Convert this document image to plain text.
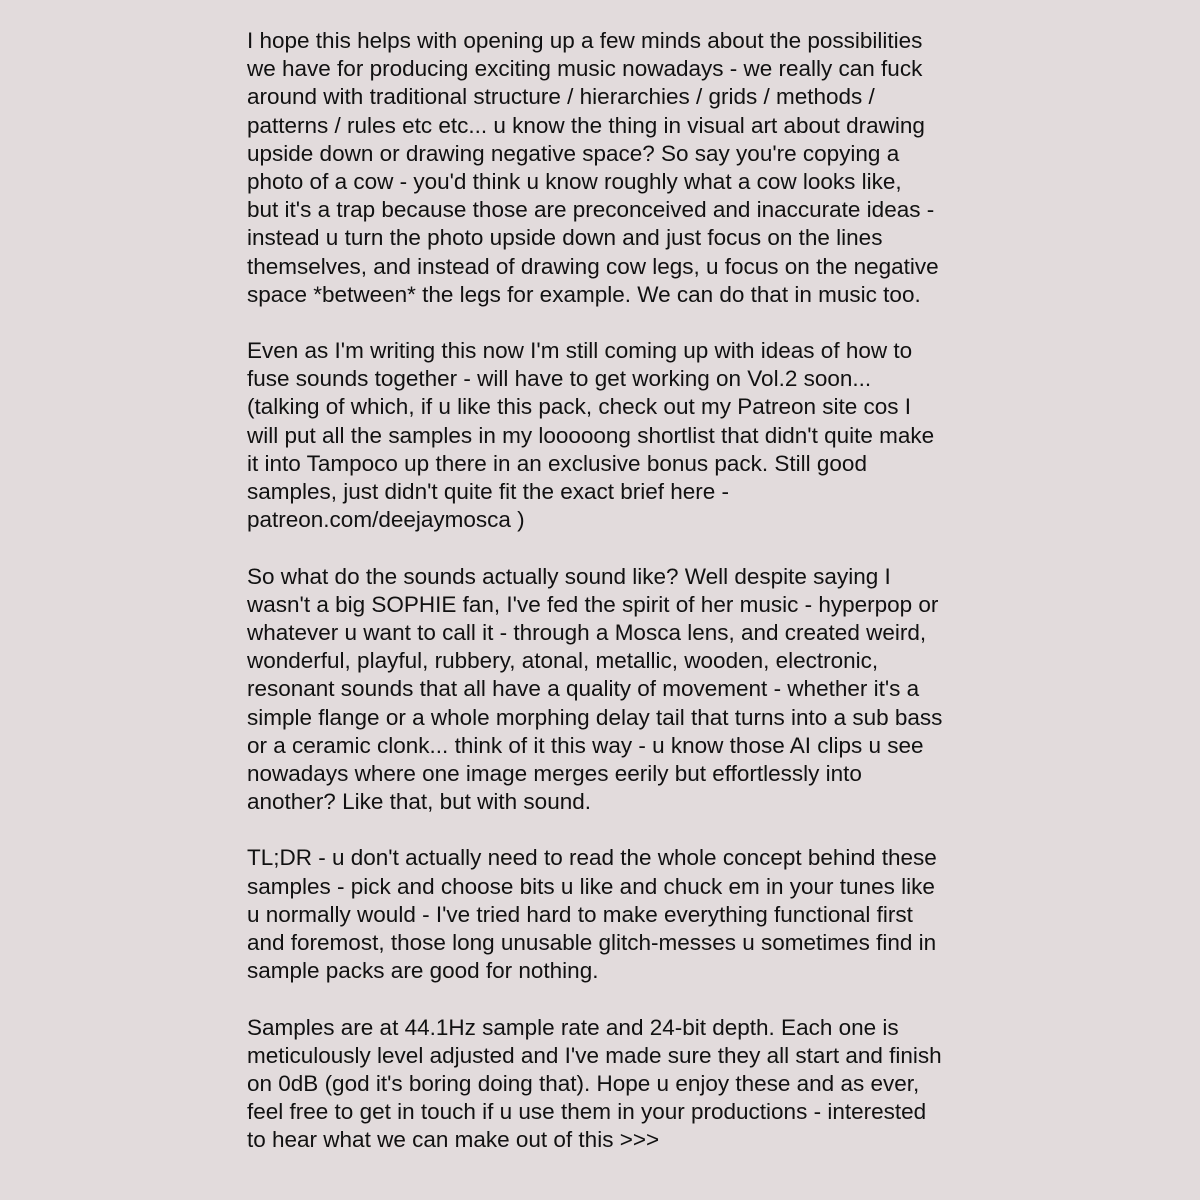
I hope this helps with opening up a few minds about the possibilities
we have for producing exciting music nowadays - we really can fuck
around with traditional structure / hierarchies / grids / methods /
patterns / rules etc etc... u know the thing in visual art about drawing
upside down or drawing negative space? So say you're copying a
photo of a cow - you'd think u know roughly what a cow looks like,
but it's a trap because those are preconceived and inaccurate ideas -
instead u turn the photo upside down and just focus on the lines
themselves, and instead of drawing cow legs, u focus on the negative
space *between* the legs for example. We can do that in music too.

Even as I'm writing this now I'm still coming up with ideas of how to
fuse sounds together - will have to get working on Vol.2 soon...
(talking of which, if u like this pack, check out my Patreon site cos I
will put all the samples in my looooong shortlist that didn't quite make
it into Tampoco up there in an exclusive bonus pack. Still good
samples, just didn't quite fit the exact brief here -
patreon.com/deejaymosca )

So what do the sounds actually sound like? Well despite saying I
wasn't a big SOPHIE fan, I've fed the spirit of her music - hyperpop or
whatever u want to call it - through a Mosca lens, and created weird,
wonderful, playful, rubbery, atonal, metallic, wooden, electronic,
resonant sounds that all have a quality of movement - whether it's a
simple flange or a whole morphing delay tail that turns into a sub bass
or a ceramic clonk... think of it this way - u know those AI clips u see
nowadays where one image merges eerily but effortlessly into
another? Like that, but with sound.

TL;DR - u don't actually need to read the whole concept behind these
samples - pick and choose bits u like and chuck em in your tunes like
u normally would - I've tried hard to make everything functional first
and foremost, those long unusable glitch-messes u sometimes find in
sample packs are good for nothing.

Samples are at 44.1Hz sample rate and 24-bit depth. Each one is
meticulously level adjusted and I've made sure they all start and finish
on 0dB (god it's boring doing that). Hope u enjoy these and as ever,
feel free to get in touch if u use them in your productions - interested
to hear what we can make out of this >>>
